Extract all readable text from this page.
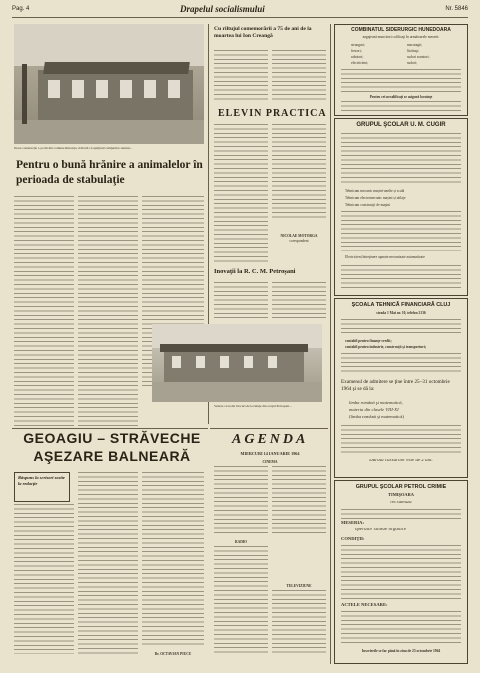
Pag. 4	Drapelul socialismului	Nr. 5846
Noua construcţie a şcolii din comuna Runcuţa, ridicată cu sprijinul cetăţenilor satului...
Pentru o bună hrănire a animalelor în perioada de stabulaţie
Cu riltujul comemorării a 75 de ani de la moartea lui Ion Creangă
ELEVIN PRACTICA
NICOLAE MOTORGA
corespondent
Inovaţii la R. C. M. Petroşani
Vedere cu noile blocuri de locuinţe din oraşul Petroşani...
AGENDA
MIERCURI 14 IANUARIE 1964
CINEMA
RADIO
TELEVIZIUNE
GEOAGIU – STRĂVECHE
AŞEZARE BALNEARĂ
Răspuns la scrisori sosite la redacţie
Dr. OCTAVIAN PIUCU
COMBINATUL SIDERURGIC HUNEDOARA
angajează muncitori calificaţi în următoarele meserii:
strungari;	macaragii;
frezori;	lăcătuşi;
rabotori;	sudori sonatori;
electricieni;	sudori;
Pentru cei necalificaţi se asigură locuinţe
GRUPUL ŞCOLAR U. M. CUGIR
Tehnicum mecanic mașini-unelte și sculă
Tehnicum electromecanic mașini și utilaje
Tehnicum construcţii de maşini
Electricieni întreţinere aparate mecanizate automatizate
ŞCOALA TEHNICĂ FINANCIARĂ CLUJ
strada 1 Mai nr. 10, telefon 2136
contabil pentru finanţe-credit;
contabil pentru industrie, construcţii şi transporturi;
Examenul de admitere se ţine între 25–31 octombrie 1964 şi se dă la:
limba română şi matematică,
materia din clasele VIII-XI
(limba română şi matematică)
Durata cursurilor este de 2 ani.
GRUPUL ŞCOLAR PETROL CRIMIE
TIMIŞOARA
recrutează
MESERIA:
operator sinteze organice
CONDIŢII:
ACTELE NECESARE:
Înscrierile se fac până în ziua de 25 octombrie 1964
